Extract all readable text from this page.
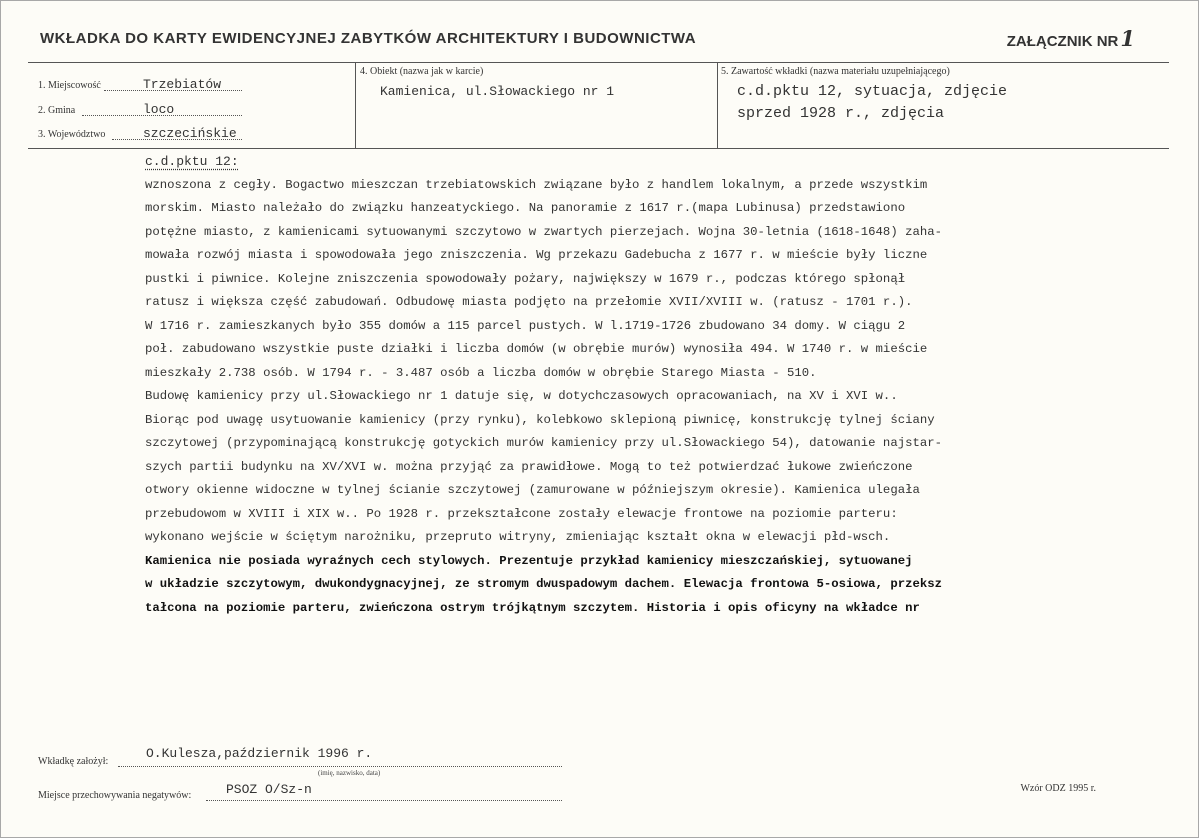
WKŁADKA DO KARTY EWIDENCYJNEJ ZABYTKÓW ARCHITEKTURY I BUDOWNICTWA	ZAŁĄCZNIK NR1
1. Miejscowość	Trzebiatów
2. Gmina	loco
3. Województwo	szczecińskie
4. Obiekt (nazwa jak w karcie)
Kamienica, ul.Słowackiego nr 1
5. Zawartość wkładki (nazwa materiału uzupełniającego)
c.d.pktu 12, sytuacja, zdjęcie
sprzed 1928 r., zdjęcia
c.d.pktu 12:
wznoszona z cegły. Bogactwo mieszczan trzebiatowskich związane było z handlem lokalnym, a przede wszystkim
morskim. Miasto należało do związku hanzeatyckiego. Na panoramie z 1617 r.(mapa Lubinusa) przedstawiono
potężne miasto, z kamienicami sytuowanymi szczytowo w zwartych pierzejach. Wojna 30-letnia (1618-1648) zaha-
mowała rozwój miasta i spowodowała jego zniszczenia. Wg przekazu Gadebucha z 1677 r. w mieście były liczne
pustki i piwnice. Kolejne zniszczenia spowodowały pożary, największy w 1679 r., podczas którego spłonął
ratusz i większa część zabudowań. Odbudowę miasta podjęto na przełomie XVII/XVIII w. (ratusz - 1701 r.).
W 1716 r. zamieszkanych było 355 domów a 115 parcel pustych. W l.1719-1726 zbudowano 34 domy. W ciągu 2
poł. zabudowano wszystkie puste działki i liczba domów (w obrębie murów) wynosiła 494. W 1740 r. w mieście
mieszkały 2.738 osób. W 1794 r. - 3.487 osób a liczba domów w obrębie Starego Miasta - 510.
Budowę kamienicy przy ul.Słowackiego nr 1 datuje się, w dotychczasowych opracowaniach, na XV i XVI w..
Biorąc pod uwagę usytuowanie kamienicy (przy rynku), kolebkowo sklepioną piwnicę, konstrukcję tylnej ściany
szczytowej (przypominającą konstrukcję gotyckich murów kamienicy przy ul.Słowackiego 54), datowanie najstar-
szych partii budynku na XV/XVI w. można przyjąć za prawidłowe. Mogą to też potwierdzać łukowe zwieńczone
otwory okienne widoczne w tylnej ścianie szczytowej (zamurowane w późniejszym okresie). Kamienica ulegała
przebudowom w XVIII i XIX w.. Po 1928 r. przekształcone zostały elewacje frontowe na poziomie parteru:
wykonano wejście w ściętym narożniku, przepruto witryny, zmieniając kształt okna w elewacji płd-wsch.
Kamienica nie posiada wyraźnych cech stylowych. Prezentuje przykład kamienicy mieszczańskiej, sytuowanej
w układzie szczytowym, dwukondygnacyjnej, ze stromym dwuspadowym dachem. Elewacja frontowa 5-osiowa, przeksz
tałcona na poziomie parteru, zwieńczona ostrym trójkątnym szczytem. Historia i opis oficyny na wkładce nr
Wkładkę założył:
O.Kulesza,październik 1996 r.
(imię, nazwisko, data)
Miejsce przechowywania negatywów:	PSOZ O/Sz-n	Wzór ODZ 1995 r.
